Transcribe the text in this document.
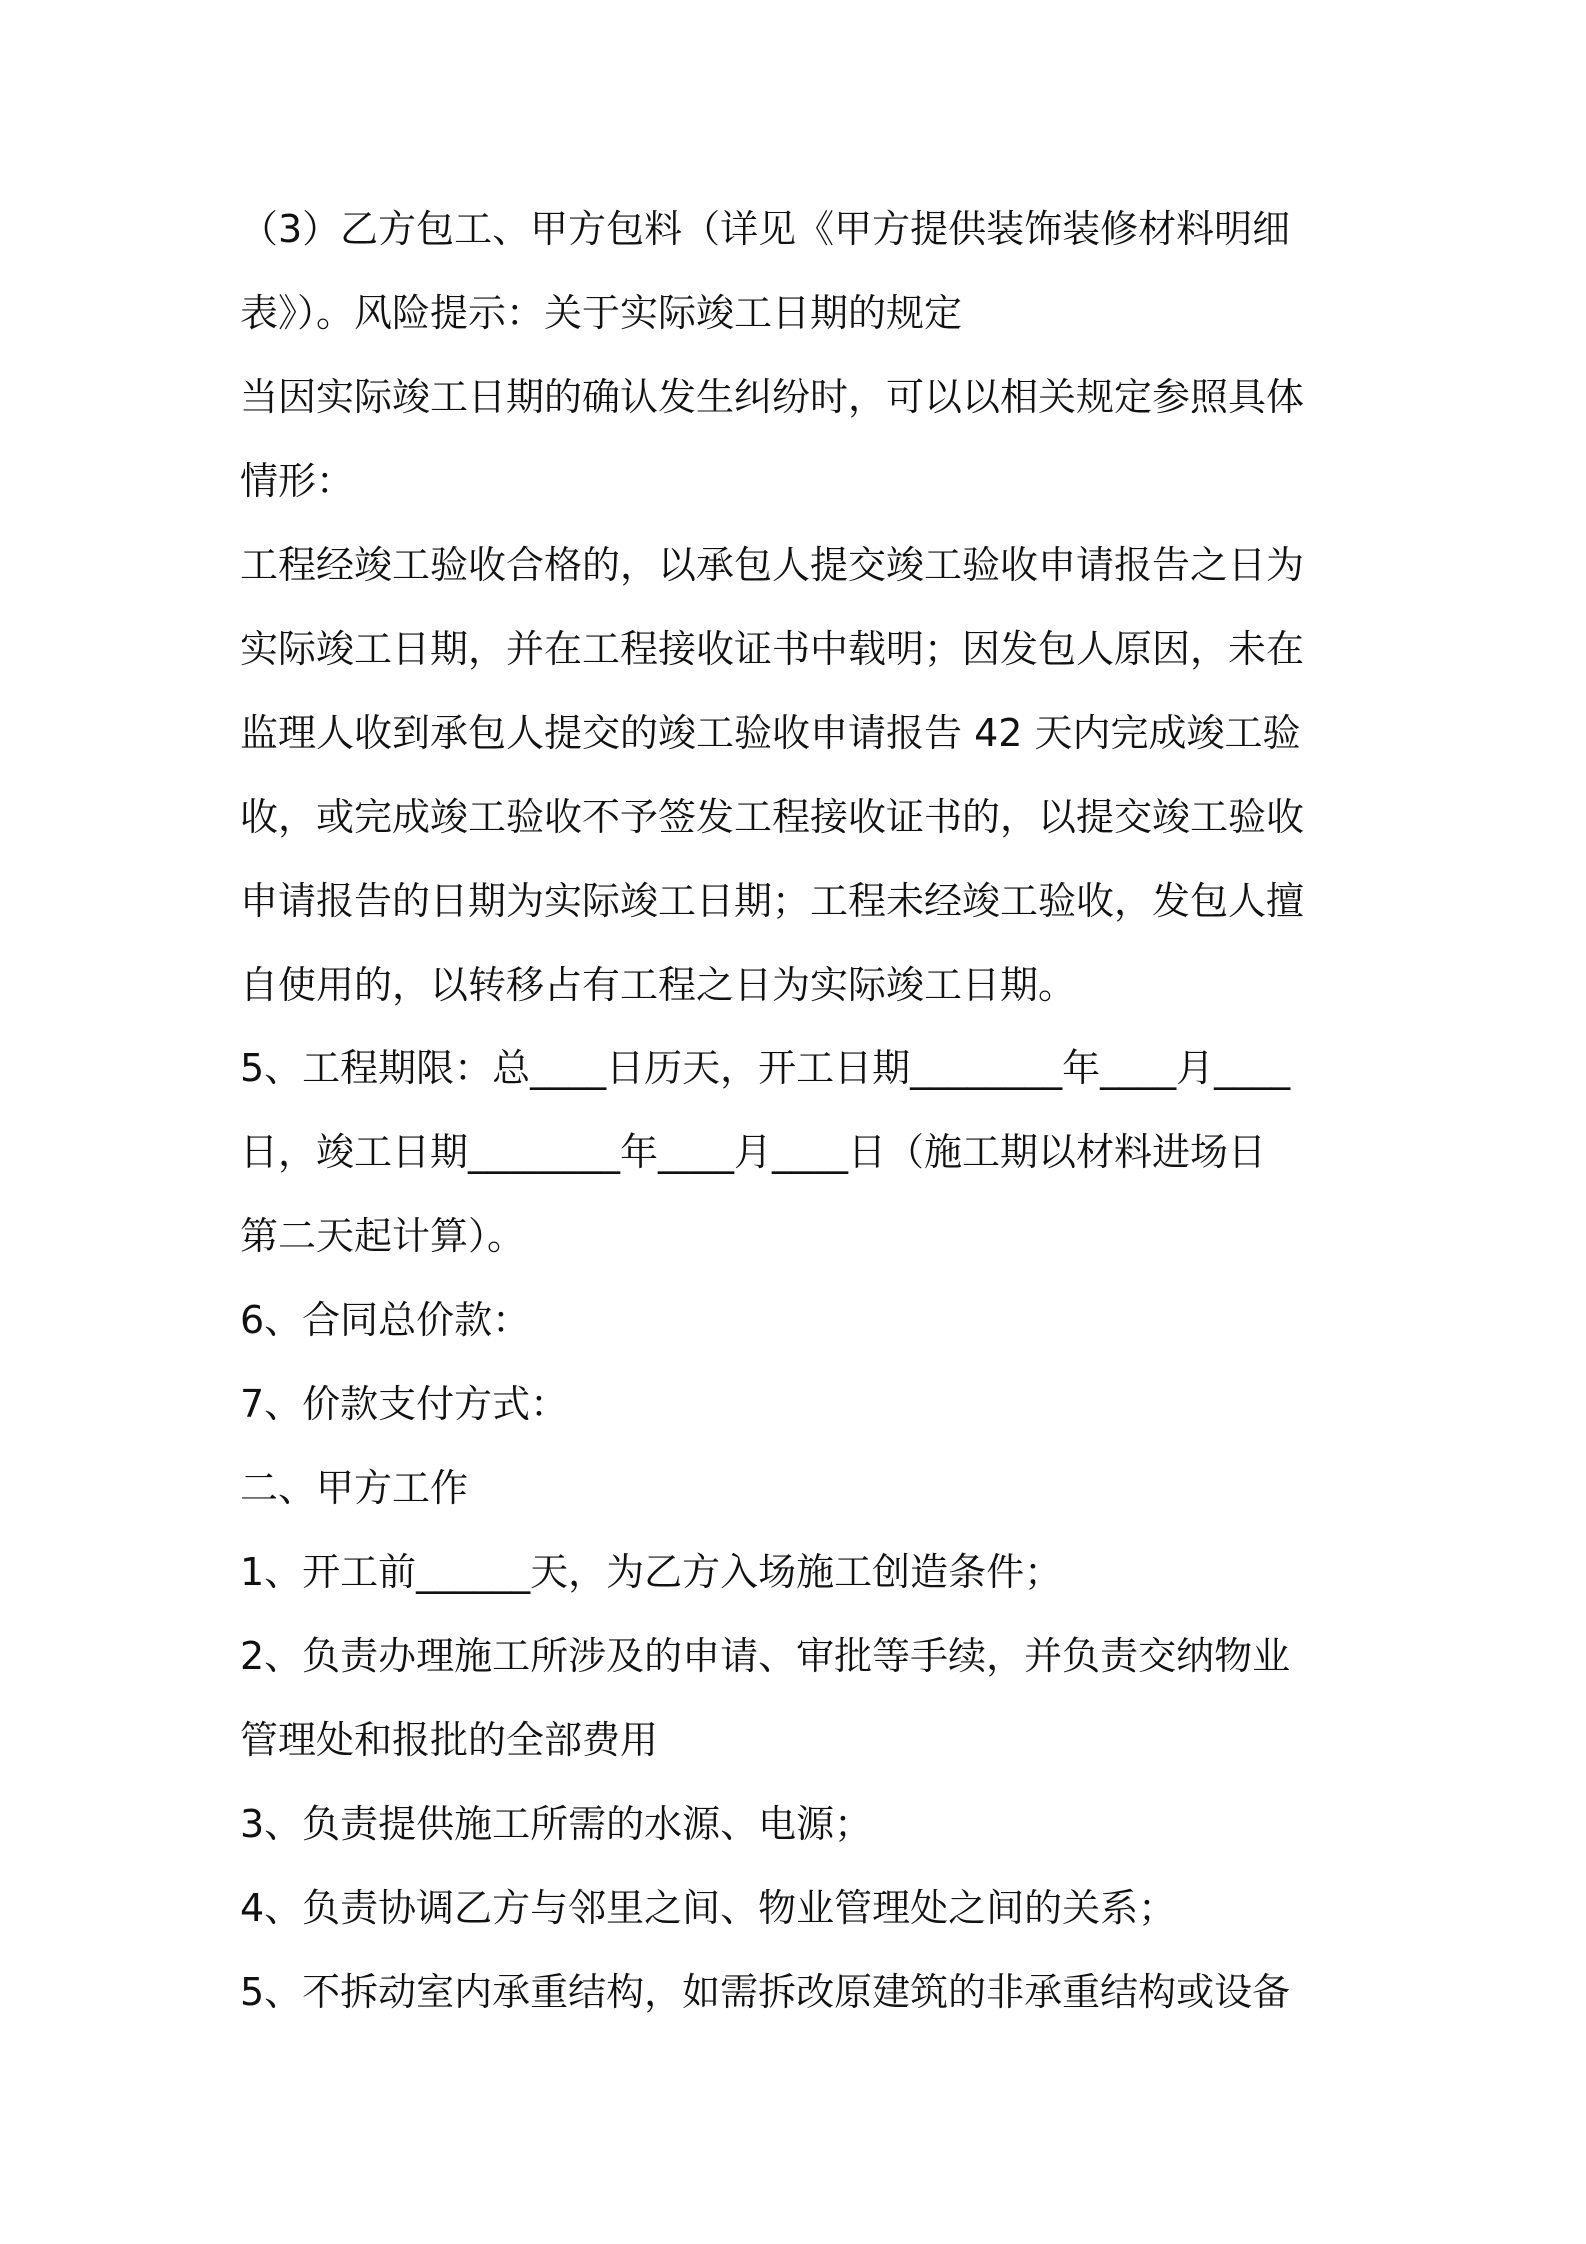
（3）乙方包工、甲方包料（详见《甲方提供装饰装修材料明细
表》）。风险提示：关于实际竣工日期的规定
当因实际竣工日期的确认发生纠纷时，可以以相关规定参照具体
情形：
工程经竣工验收合格的，以承包人提交竣工验收申请报告之日为
实际竣工日期，并在工程接收证书中载明；因发包人原因，未在
监理人收到承包人提交的竣工验收申请报告 42 天内完成竣工验
收，或完成竣工验收不予签发工程接收证书的，以提交竣工验收
申请报告的日期为实际竣工日期；工程未经竣工验收，发包人擅
自使用的，以转移占有工程之日为实际竣工日期。
5、工程期限：总____日历天，开工日期________年____月____
日，竣工日期________年____月____日（施工期以材料进场日
第二天起计算）。
6、合同总价款：
7、价款支付方式：
二、甲方工作
1、开工前______天，为乙方入场施工创造条件；
2、负责办理施工所涉及的申请、审批等手续，并负责交纳物业
管理处和报批的全部费用
3、负责提供施工所需的水源、电源；
4、负责协调乙方与邻里之间、物业管理处之间的关系；
5、不拆动室内承重结构，如需拆改原建筑的非承重结构或设备
